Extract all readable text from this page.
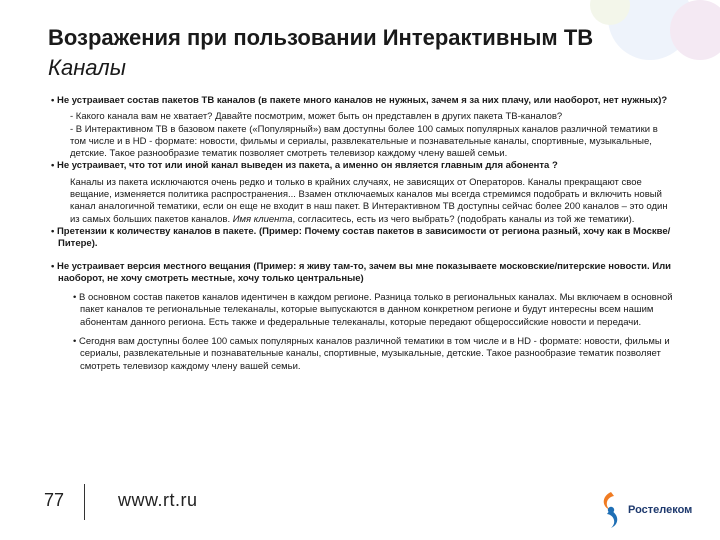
Возражения при пользовании Интерактивным ТВ
Каналы

• Не устраивает состав пакетов ТВ каналов (в пакете много каналов не нужных, зачем я за них плачу, или наоборот, нет нужных)?

- Какого канала вам не хватает? Давайте посмотрим, может быть он представлен в других пакета ТВ-каналов?

- В Интерактивном ТВ в базовом пакете («Популярный») вам доступны более 100 самых популярных каналов различной тематики в том числе и в HD - формате: новости, фильмы и сериалы, развлекательные и познавательные каналы, спортивные, музыкальные, детские. Такое разнообразие тематик позволяет смотреть телевизор каждому члену вашей семьи.

• Не устраивает, что тот или иной канал выведен из пакета, а именно он является главным для абонента ?

Каналы из пакета исключаются очень редко и только в крайних случаях, не зависящих от Операторов. Каналы прекращают свое вещание, изменяется политика распространения... Взамен отключаемых каналов мы всегда стремимся подобрать и включить новый канал аналогичной тематики, если он еще не входит в наш пакет. В Интерактивном ТВ доступны сейчас более 200 каналов – это один из самых больших пакетов каналов. Имя клиента, согласитесь, есть из чего выбрать? (подобрать каналы из той же тематики).

• Претензии к количеству каналов в пакете. (Пример: Почему состав пакетов в зависимости от региона разный, хочу как в Москве/Питере).

• Не устраивает версия местного вещания (Пример: я живу там-то, зачем вы мне показываете московские/питерские новости. Или наоборот, не хочу смотреть местные, хочу только центральные)

• В основном состав пакетов каналов идентичен в каждом регионе. Разница только в региональных каналах. Мы включаем в основной пакет каналов те региональные телеканалы, которые выпускаются в данном конкретном регионе и будут интересны всем нашим абонентам данного региона. Есть также и федеральные телеканалы, которые передают общероссийские новости и передачи.

• Сегодня вам доступны более 100 самых популярных каналов различной тематики в том числе и в HD - формате: новости, фильмы и сериалы, развлекательные и познавательные каналы, спортивные, музыкальные, детские. Такое разнообразие тематик позволяет смотреть телевизор каждому члену вашей семьи.

77	www.rt.ru	Ростелеком
